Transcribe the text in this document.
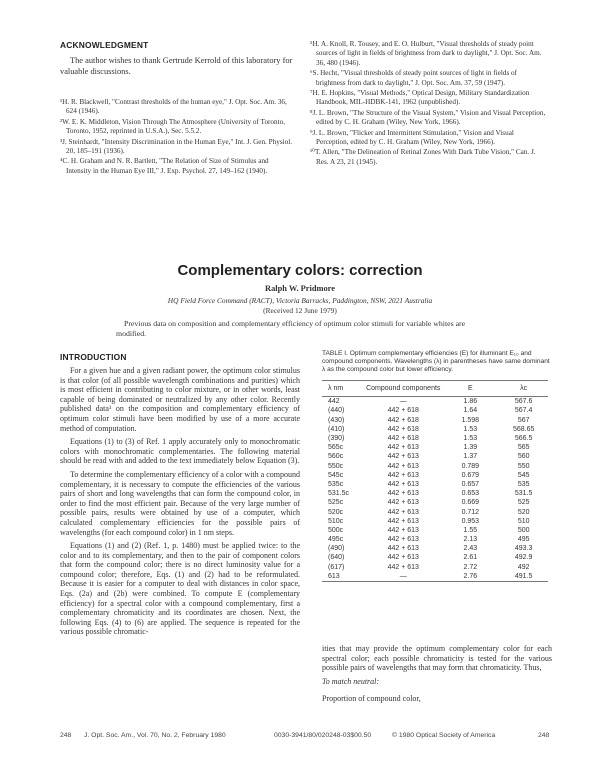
ACKNOWLEDGMENT
The author wishes to thank Gertrude Kerrold of this laboratory for valuable discussions.

¹H. R. Blackwell, "Contrast thresholds of the human eye," J. Opt. Soc. Am. 36, 624 (1946).

²W. E. K. Middleton, Vision Through The Atmosphere (University of Toronto, Toronto, 1952, reprinted in U.S.A.), Sec. 5.5.2.

³J. Steinhardt, "Intensity Discrimination in the Human Eye," Int. J. Gen. Physiol. 20, 185–191 (1936).

⁴C. H. Graham and N. R. Bartlett, "The Relation of Size of Stimulus and Intensity in the Human Eye III," J. Exp. Psychol. 27, 149–162 (1940).

⁵H. A. Knoll, R. Tousey, and E. O. Hulburt, "Visual thresholds of steady point sources of light in fields of brightness from dark to daylight," J. Opt. Soc. Am. 36, 480 (1946).

⁶S. Hecht, "Visual thresholds of steady point sources of light in fields of brightness from dark to daylight," J. Opt. Soc. Am. 37, 59 (1947).

⁷H. E. Hopkins, "Visual Methods," Optical Design, Military Standardization Handbook, MIL-HDBK-141, 1962 (unpublished).

⁸J. L. Brown, "The Structure of the Visual System," Vision and Visual Perception, edited by C. H. Graham (Wiley, New York, 1966).

⁹J. L. Brown, "Flicker and Intermittent Stimulation," Vision and Visual Perception, edited by C. H. Graham (Wiley, New York, 1966).

¹⁰T. Allen, "The Delineation of Retinal Zones With Dark Tube Vision," Can. J. Res. A 23, 21 (1945).

Complementary colors: correction
Ralph W. Pridmore
HQ Field Force Command (RACT), Victoria Barracks, Paddington, NSW, 2021 Australia
(Received 12 June 1979)
Previous data on composition and complementary efficiency of optimum color stimuli for variable whites are modified.
INTRODUCTION

For a given hue and a given radiant power, the optimum color stimulus is that color (of all possible wavelength combinations and purities) which is most efficient in contributing to color mixture, or in other words, least capable of being dominated or neutralized by any other color. Recently published data¹ on the composition and complementary efficiency of optimum color stimuli have been modified by use of a more accurate method of computation.

Equations (1) to (3) of Ref. 1 apply accurately only to monochromatic colors with monochromatic complementaries. The following material should be read with and added to the text immediately below Equation (3).

To determine the complementary efficiency of a color with a compound complementary, it is necessary to compute the efficiencies of the various pairs of short and long wavelengths that can form the compound color, in order to find the most efficient pair. Because of the very large number of possible pairs, results were obtained by use of a computer, which calculated complementary efficiencies for the possible pairs of wavelengths (for each compound color) in 1 nm steps.

Equations (1) and (2) (Ref. 1, p. 1480) must be applied twice: to the color and to its complementary, and then to the pair of component colors that form the compound color; there is no direct luminosity value for a compound color; therefore, Eqs. (1) and (2) had to be reformulated. Because it is easier for a computer to deal with distances in color space, Eqs. (2a) and (2b) were combined. To compute E (complementary efficiency) for a spectral color with a compound complementary, first a complementary chromaticity and its coordinates are chosen. Next, the following Eqs. (4) to (6) are applied. The sequence is repeated for the various possible chromatic-

TABLE I. Optimum complementary efficiencies (E) for illuminant E₁₀ and compound components. Wavelengths (λ) in parentheses have same dominant λ as the compound color but lower efficiency.
λ nm	Compound components	E	λc
442	—	1.86	567.6
(440)	442 + 618	1.64	567.4
(430)	442 + 618	1.598	567
(410)	442 + 618	1.53	568.65
(390)	442 + 618	1.53	566.5
565c	442 + 613	1.39	565
560c	442 + 613	1.37	560
550c	442 + 613	0.789	550
545c	442 + 613	0.679	545
535c	442 + 613	0.657	535
531.5c	442 + 613	0.653	531.5
525c	442 + 613	0.669	525
520c	442 + 613	0.712	520
510c	442 + 613	0.953	510
500c	442 + 613	1.55	500
495c	442 + 613	2.13	495
(490)	442 + 613	2.43	493.3
(640)	442 + 613	2.61	492.9
(617)	442 + 613	2.72	492
613	—	2.76	491.5

ities that may provide the optimum complementary color for each spectral color; each possible chromaticity is tested for the various possible pairs of wavelengths that may form that chromaticity. Thus,

To match neutral:
Proportion of compound color,
248 J. Opt. Soc. Am., Vol. 70, No. 2, February 1980	0030-3941/80/020248-03$00.50	© 1980 Optical Society of America	248
